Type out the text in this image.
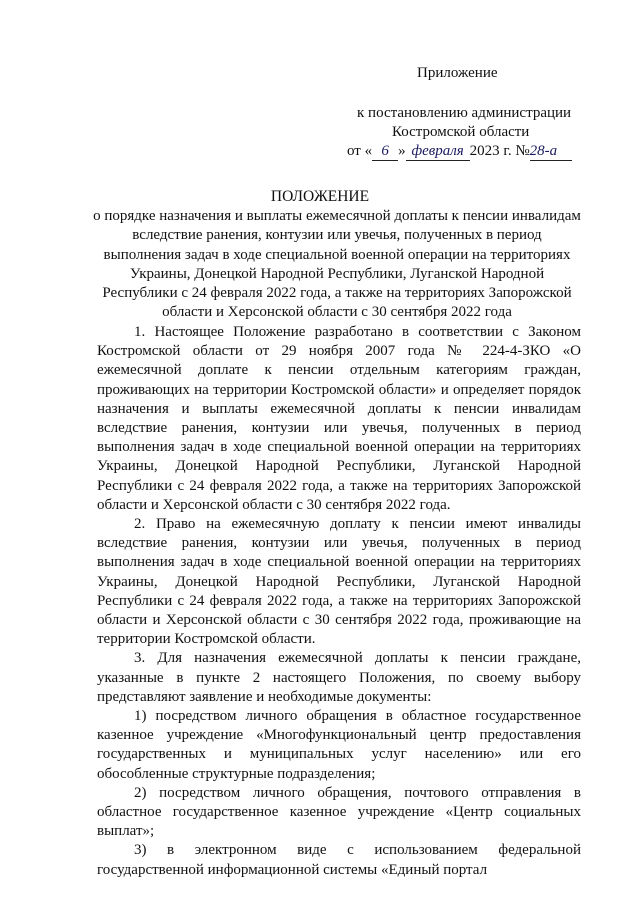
Приложение
к постановлению администрации
Костромской области
от « 6 » февраля 2023 г. №28-а
ПОЛОЖЕНИЕ
о порядке назначения и выплаты ежемесячной доплаты к пенсии инвалидам вследствие ранения, контузии или увечья, полученных в период выполнения задач в ходе специальной военной операции на территориях Украины, Донецкой Народной Республики, Луганской Народной Республики с 24 февраля 2022 года, а также на территориях Запорожской области и Херсонской области с 30 сентября 2022 года

1. Настоящее Положение разработано в соответствии с Законом Костромской области от 29 ноября 2007 года № 224-4-ЗКО «О ежемесячной доплате к пенсии отдельным категориям граждан, проживающих на территории Костромской области» и определяет порядок назначения и выплаты ежемесячной доплаты к пенсии инвалидам вследствие ранения, контузии или увечья, полученных в период выполнения задач в ходе специальной военной операции на территориях Украины, Донецкой Народной Республики, Луганской Народной Республики с 24 февраля 2022 года, а также на территориях Запорожской области и Херсонской области с 30 сентября 2022 года.

2. Право на ежемесячную доплату к пенсии имеют инвалиды вследствие ранения, контузии или увечья, полученных в период выполнения задач в ходе специальной военной операции на территориях Украины, Донецкой Народной Республики, Луганской Народной Республики с 24 февраля 2022 года, а также на территориях Запорожской области и Херсонской области с 30 сентября 2022 года, проживающие на территории Костромской области.

3. Для назначения ежемесячной доплаты к пенсии граждане, указанные в пункте 2 настоящего Положения, по своему выбору представляют заявление и необходимые документы:

1) посредством личного обращения в областное государственное казенное учреждение «Многофункциональный центр предоставления государственных и муниципальных услуг населению» или его обособленные структурные подразделения;

2) посредством личного обращения, почтового отправления в областное государственное казенное учреждение «Центр социальных выплат»;

3) в электронном виде с использованием федеральной государственной информационной системы «Единый портал
